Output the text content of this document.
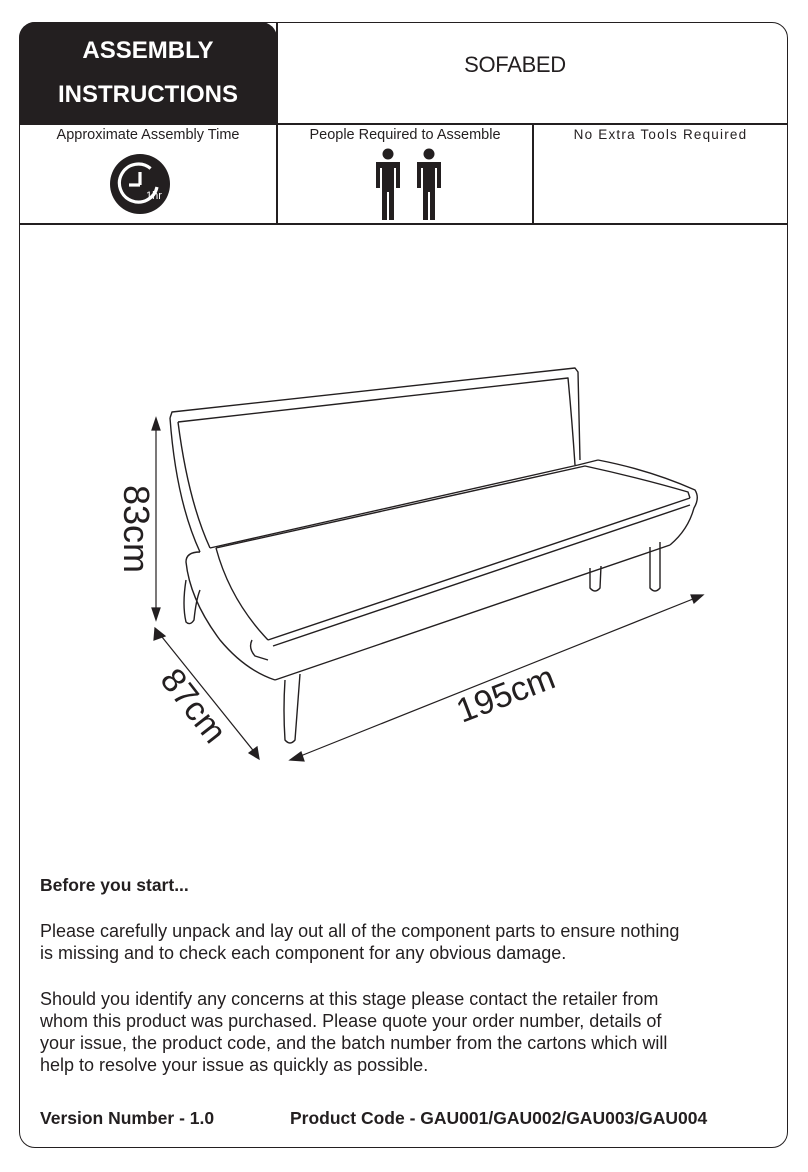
ASSEMBLY
INSTRUCTIONS
SOFABED
Approximate Assembly Time
1hr
People Required to Assemble	No Extra Tools Required
83cm
87cm	195cm
Before you start...
Please carefully unpack and lay out all of the component parts to ensure nothing
is missing and to check each component for any obvious damage.
Should you identify any concerns at this stage please contact the retailer from
whom this product was purchased. Please quote your order number, details of
your issue, the product code, and the batch number from the cartons which will
help to resolve your issue as quickly as possible.
Version Number - 1.0	Product Code - GAU001/GAU002/GAU003/GAU004
